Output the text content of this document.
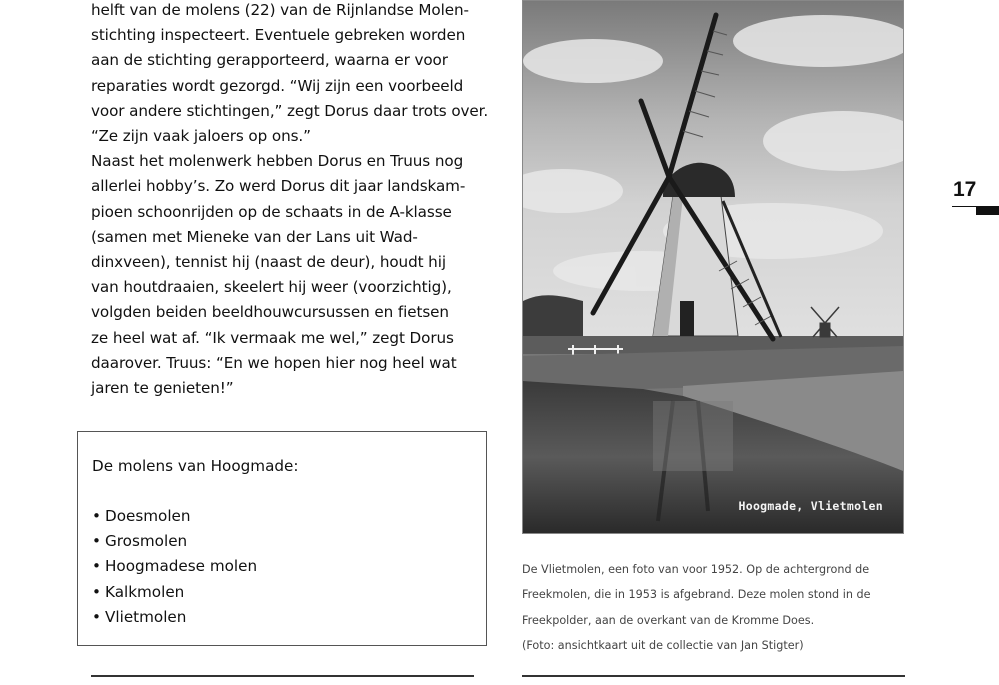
helft van de molens (22) van de Rijnlandse Molen-
stichting inspecteert. Eventuele gebreken worden
aan de stichting gerapporteerd, waarna er voor
reparaties wordt gezorgd. “Wij zijn een voorbeeld
voor andere stichtingen,” zegt Dorus daar trots over.
“Ze zijn vaak jaloers op ons.”
Naast het molenwerk hebben Dorus en Truus nog
allerlei hobby’s. Zo werd Dorus dit jaar landskam-
pioen schoonrijden op de schaats in de A-klasse
(samen met Mieneke van der Lans uit Wad-
dinxveen), tennist hij (naast de deur), houdt hij
van houtdraaien, skeelert hij weer (voorzichtig),
volgden beiden beeldhouwcursussen en fietsen
ze heel wat af. “Ik vermaak me wel,” zegt Dorus
daarover. Truus: “En we hopen hier nog heel wat
jaren te genieten!”
De molens van Hoogmade:
• Doesmolen
• Grosmolen
• Hoogmadese molen
• Kalkmolen
• Vlietmolen
Hoogmade, Vlietmolen
De Vlietmolen, een foto van voor 1952. Op de achtergrond de
Freekmolen, die in 1953 is afgebrand. Deze molen stond in de
Freekpolder, aan de overkant van de Kromme Does.
(Foto: ansichtkaart uit de collectie van Jan Stigter)
17
